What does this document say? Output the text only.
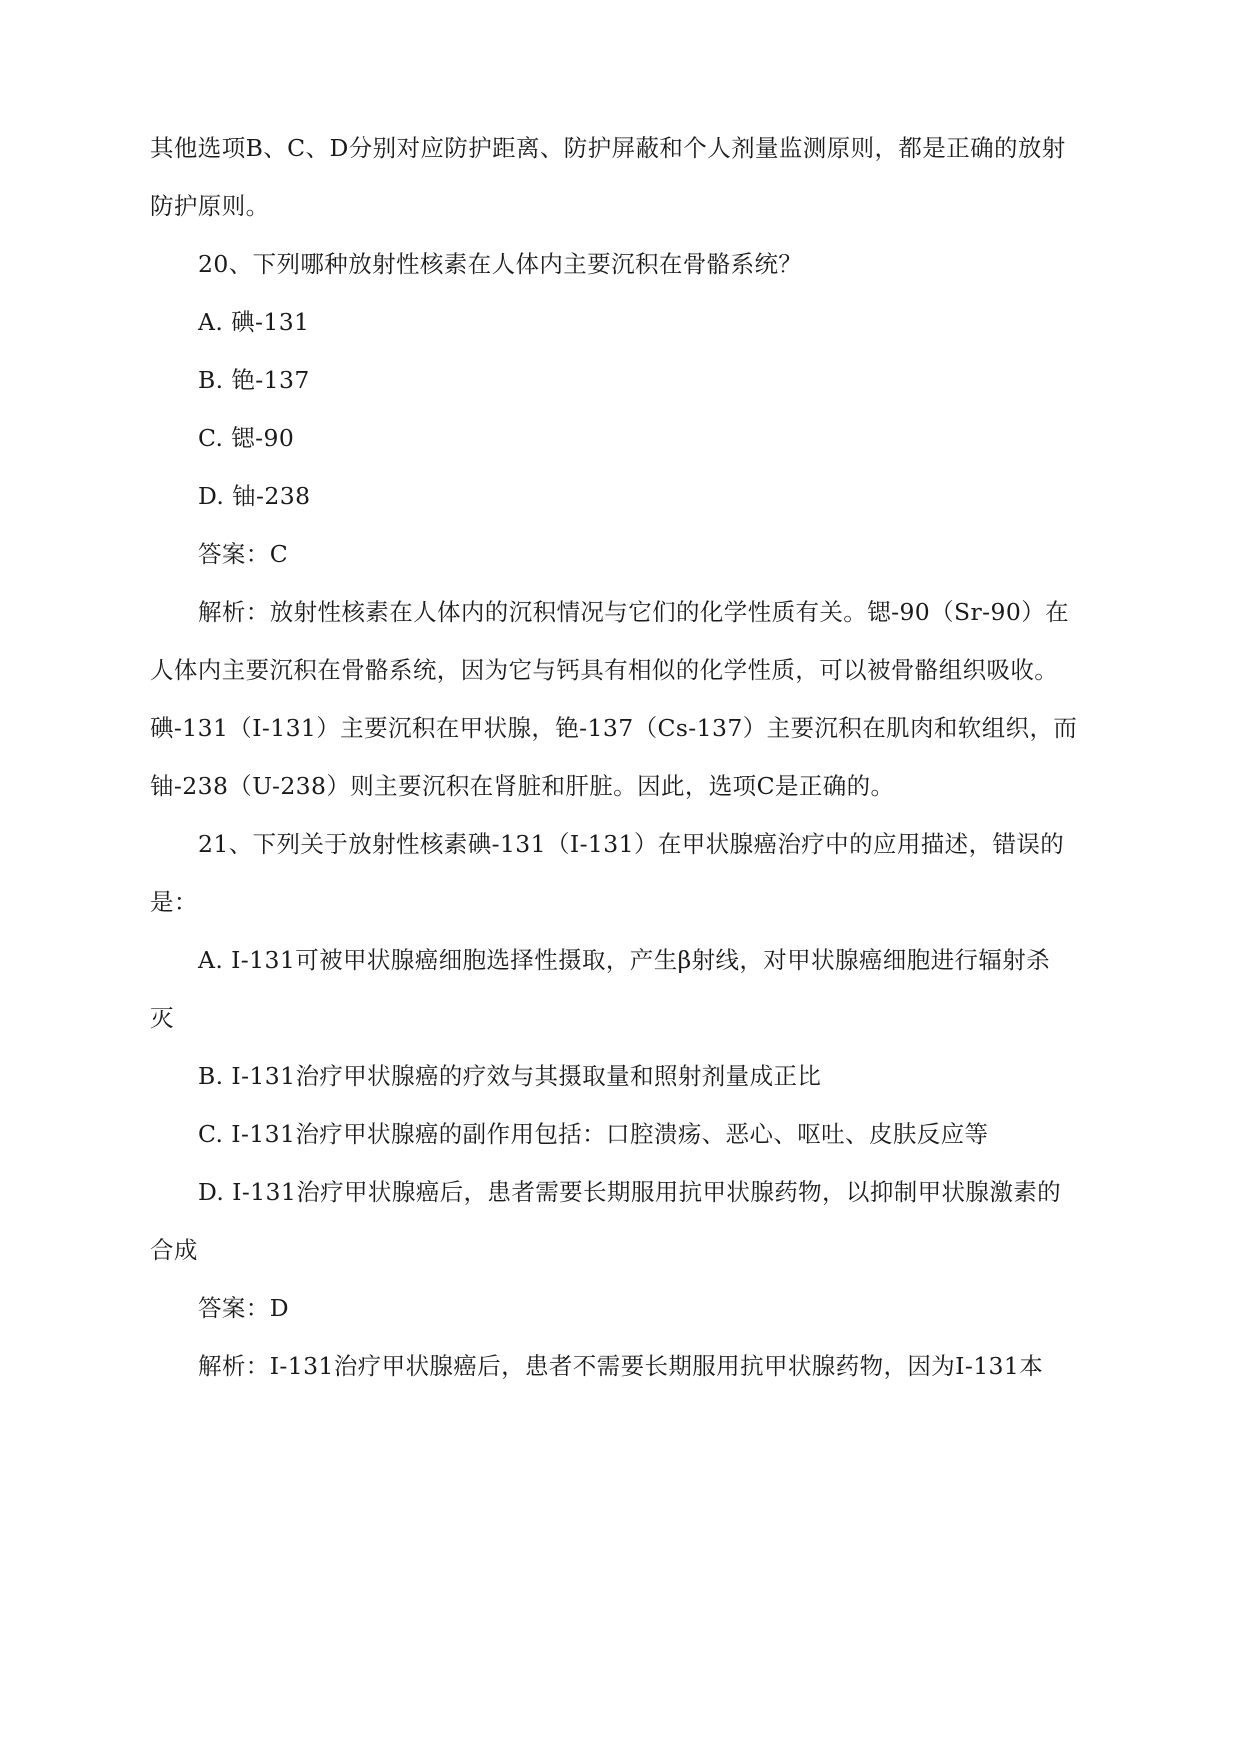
其他选项B、C、D分别对应防护距离、防护屏蔽和个人剂量监测原则，都是正确的放射
防护原则。
20、下列哪种放射性核素在人体内主要沉积在骨骼系统？
A. 碘-131
B. 铯-137
C. 锶-90
D. 铀-238
答案：C
解析：放射性核素在人体内的沉积情况与它们的化学性质有关。锶-90（Sr-90）在
人体内主要沉积在骨骼系统，因为它与钙具有相似的化学性质，可以被骨骼组织吸收。
碘-131（I-131）主要沉积在甲状腺，铯-137（Cs-137）主要沉积在肌肉和软组织，而
铀-238（U-238）则主要沉积在肾脏和肝脏。因此，选项C是正确的。
21、下列关于放射性核素碘-131（I-131）在甲状腺癌治疗中的应用描述，错误的
是：
A. I-131可被甲状腺癌细胞选择性摄取，产生β射线，对甲状腺癌细胞进行辐射杀
灭
B. I-131治疗甲状腺癌的疗效与其摄取量和照射剂量成正比
C. I-131治疗甲状腺癌的副作用包括：口腔溃疡、恶心、呕吐、皮肤反应等
D. I-131治疗甲状腺癌后，患者需要长期服用抗甲状腺药物，以抑制甲状腺激素的
合成
答案：D
解析：I-131治疗甲状腺癌后，患者不需要长期服用抗甲状腺药物，因为I-131本
